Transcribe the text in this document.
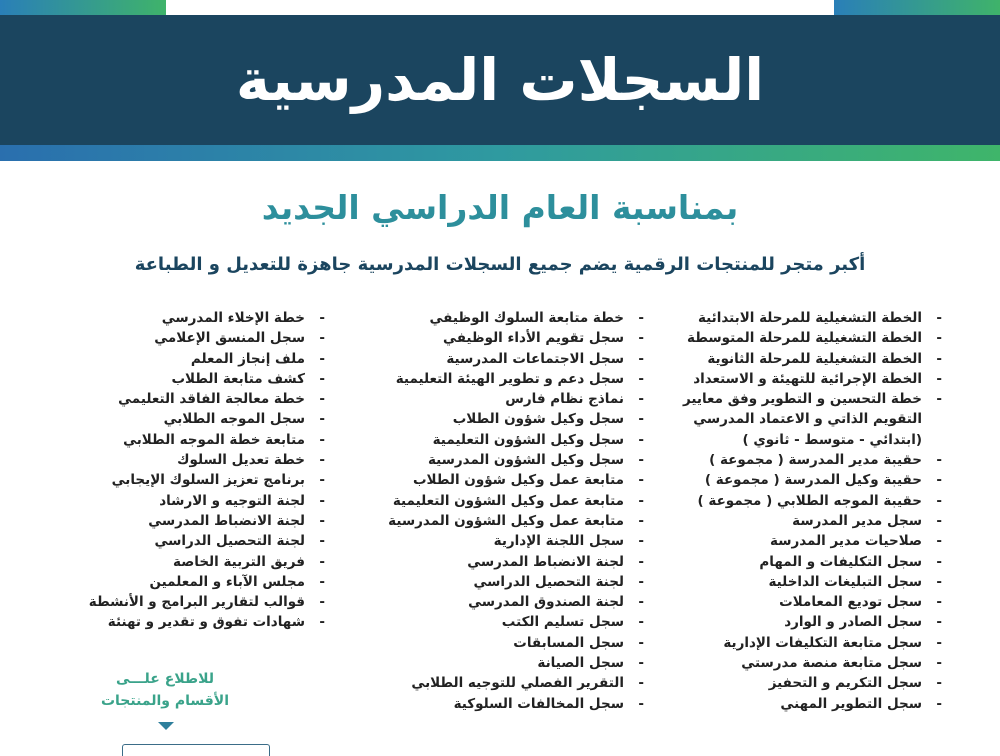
السجلات المدرسية
بمناسبة العام الدراسي الجديد
أكبر متجر للمنتجات الرقمية يضم جميع السجلات المدرسية جاهزة للتعديل و الطباعة
- الخطة التشغيلية للمرحلة الابتدائية
- الخطة التشغيلية للمرحلة المتوسطة
- الخطة التشغيلية للمرحلة الثانوية
- الخطة الإجرائية للتهيئة و الاستعداد
- خطة التحسين و التطوير وفق معايير
التقويم الذاتي و الاعتماد المدرسي
(ابتدائي - متوسط - ثانوي )
- حقيبة مدير المدرسة ( مجموعة )
- حقيبة وكيل المدرسة ( مجموعة )
- حقيبة الموجه الطلابي ( مجموعة )
- سجل مدير المدرسة
- صلاحيات مدير المدرسة
- سجل التكليفات و المهام
- سجل التبليغات الداخلية
- سجل توديع المعاملات
- سجل الصادر و الوارد
- سجل متابعة التكليفات الإدارية
- سجل متابعة منصة مدرستي
- سجل التكريم و التحفيز
- سجل التطوير المهني
- خطة متابعة السلوك الوظيفي
- سجل تقويم الأداء الوظيفي
- سجل الاجتماعات المدرسية
- سجل دعم و تطوير الهيئة التعليمية
- نماذج نظام فارس
- سجل وكيل شؤون الطلاب
- سجل وكيل الشؤون التعليمية
- سجل وكيل الشؤون المدرسية
- متابعة عمل وكيل شؤون الطلاب
- متابعة عمل وكيل الشؤون التعليمية
- متابعة عمل وكيل الشؤون المدرسية
- سجل اللجنة الإدارية
- لجنة الانضباط المدرسي
- لجنة التحصيل الدراسي
- لجنة الصندوق المدرسي
- سجل تسليم الكتب
- سجل المسابقات
- سجل الصيانة
- التقرير الفصلي للتوجيه الطلابي
- سجل المخالفات السلوكية
- خطة الإخلاء المدرسي
- سجل المنسق الإعلامي
- ملف إنجاز المعلم
- كشف متابعة الطلاب
- خطة معالجة الفاقد التعليمي
- سجل الموجه الطلابي
- متابعة خطة الموجه الطلابي
- خطة تعديل السلوك
- برنامج تعزيز السلوك الإيجابي
- لجنة التوجيه و الارشاد
- لجنة الانضباط المدرسي
- لجنة التحصيل الدراسي
- فريق التربية الخاصة
- مجلس الآباء و المعلمين
- قوالب لتقارير البرامج و الأنشطة
- شهادات تفوق و تقدير و تهنئة
للاطلاع علـــى
الأقسام والمنتجات
